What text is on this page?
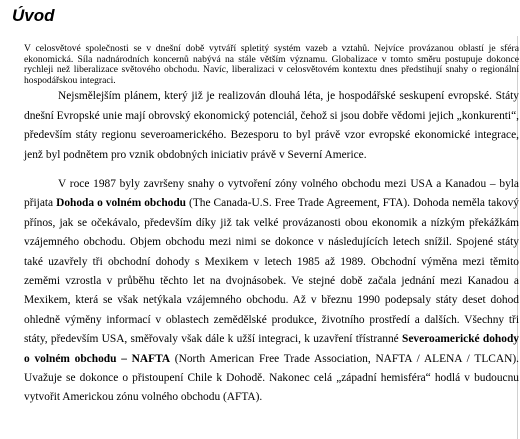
Úvod

V celosvětové společnosti se v dnešní době vytváří spletitý systém vazeb a vztahů. Nejvíce provázanou oblastí je sféra ekonomická. Síla nadnárodních koncernů nabývá na stále větším významu. Globalizace v tomto směru postupuje dokonce rychleji než liberalizace světového obchodu. Navíc, liberalizaci v celosvětovém kontextu dnes předstihují snahy o regionální hospodářskou integraci.

Nejsmělejším plánem, který již je realizován dlouhá léta, je hospodářské seskupení evropské. Státy dnešní Evropské unie mají obrovský ekonomický potenciál, čehož si jsou dobře vědomi jejich „konkurenti“, především státy regionu severoamerického. Bezesporu to byl právě vzor evropské ekonomické integrace, jenž byl podnětem pro vznik obdobných iniciativ právě v Severní Americe.

V roce 1987 byly završeny snahy o vytvoření zóny volného obchodu mezi USA a Kanadou – byla přijata Dohoda o volném obchodu (The Canada-U.S. Free Trade Agreement, FTA). Dohoda neměla takový přínos, jak se očekávalo, především díky již tak velké provázanosti obou ekonomik a nízkým překážkám vzájemného obchodu. Objem obchodu mezi nimi se dokonce v následujících letech snížil. Spojené státy také uzavřely tři obchodní dohody s Mexikem v letech 1985 až 1989. Obchodní výměna mezi těmito zeměmi vzrostla v průběhu těchto let na dvojnásobek. Ve stejné době začala jednání mezi Kanadou a Mexikem, která se však netýkala vzájemného obchodu. Až v březnu 1990 podepsaly státy deset dohod ohledně výměny informací v oblastech zemědělské produkce, životního prostředí a dalších. Všechny tři státy, především USA, směřovaly však dále k užší integraci, k uzavření třístranné Severoamerické dohody o volném obchodu – NAFTA (North American Free Trade Association, NAFTA / ALENA / TLCAN). Uvažuje se dokonce o přistoupení Chile k Dohodě. Nakonec celá „západní hemisféra“ hodlá v budoucnu vytvořit Americkou zónu volného obchodu (AFTA).
